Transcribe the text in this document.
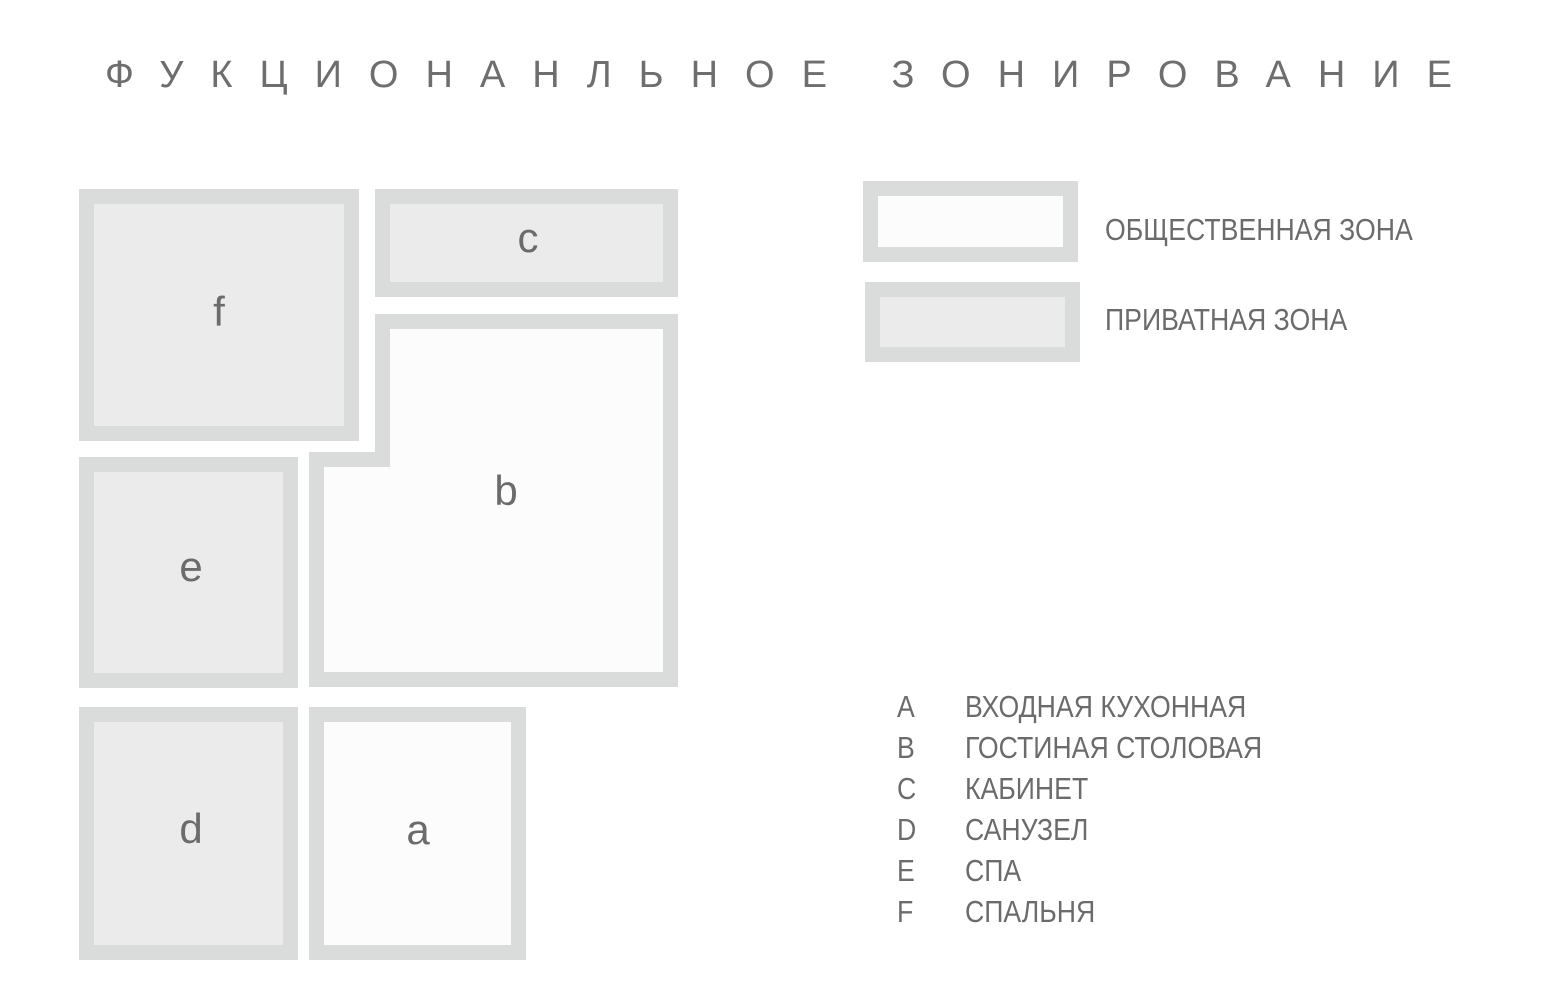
ФУКЦИОНАНЛЬНОЕ ЗОНИРОВАНИЕ
f
c
b
e
d	a
ОБЩЕСТВЕННАЯ ЗОНА
ПРИВАТНАЯ ЗОНА
A ВХОДНАЯ КУХОННАЯ
B ГОСТИНАЯ СТОЛОВАЯ
C КАБИНЕТ
D САНУЗЕЛ
E СПА
F СПАЛЬНЯ
